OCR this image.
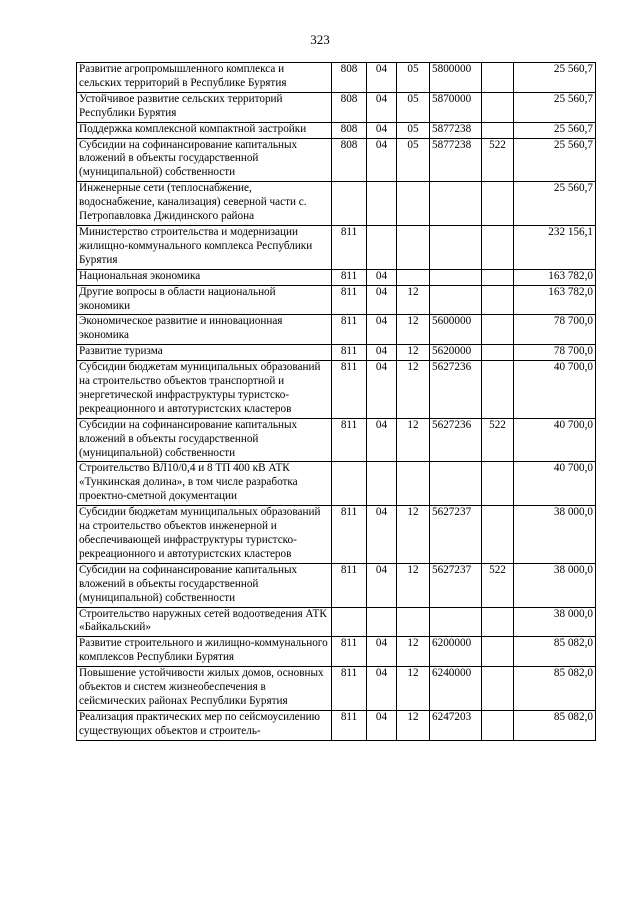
323
Развитие агропромышленного комплекса и сельских территорий в Республике Бурятия	808	04	05	5800000		25 560,7
Устойчивое развитие сельских территорий Республики Бурятия	808	04	05	5870000		25 560,7
Поддержка комплексной компактной застройки	808	04	05	5877238		25 560,7
Субсидии на софинансирование капитальных вложений в объекты государственной (муниципальной) собственности	808	04	05	5877238	522	25 560,7
Инженерные сети (теплоснабжение, водоснабжение, канализация) северной части с. Петропавловка Джидинского района						25 560,7
Министерство строительства и модернизации жилищно-коммунального комплекса Республики Бурятия	811					232 156,1
Национальная экономика	811	04				163 782,0
Другие вопросы в области национальной экономики	811	04	12			163 782,0
Экономическое развитие и инновационная экономика	811	04	12	5600000		78 700,0
Развитие туризма	811	04	12	5620000		78 700,0
Субсидии бюджетам муниципальных образований на строительство объектов транспортной и энергетической инфраструктуры туристско-рекреационного и автотуристских кластеров	811	04	12	5627236		40 700,0
Субсидии на софинансирование капитальных вложений в объекты государственной (муниципальной) собственности	811	04	12	5627236	522	40 700,0
Строительство ВЛ10/0,4 и 8 ТП 400 кВ АТК «Тункинская долина», в том числе разработка проектно-сметной документации						40 700,0
Субсидии бюджетам муниципальных образований на строительство объектов инженерной и обеспечивающей инфраструктуры туристско-рекреационного и автотуристских кластеров	811	04	12	5627237		38 000,0
Субсидии на софинансирование капитальных вложений в объекты государственной (муниципальной) собственности	811	04	12	5627237	522	38 000,0
Строительство наружных сетей водоотведения АТК «Байкальский»						38 000,0
Развитие строительного и жилищно-коммунального комплексов Республики Бурятия	811	04	12	6200000		85 082,0
Повышение устойчивости жилых домов, основных объектов и систем жизнеобеспечения в сейсмических районах Республики Бурятия	811	04	12	6240000		85 082,0
Реализация практических мер по сейсмоусилению существующих объектов и строитель-	811	04	12	6247203		85 082,0
